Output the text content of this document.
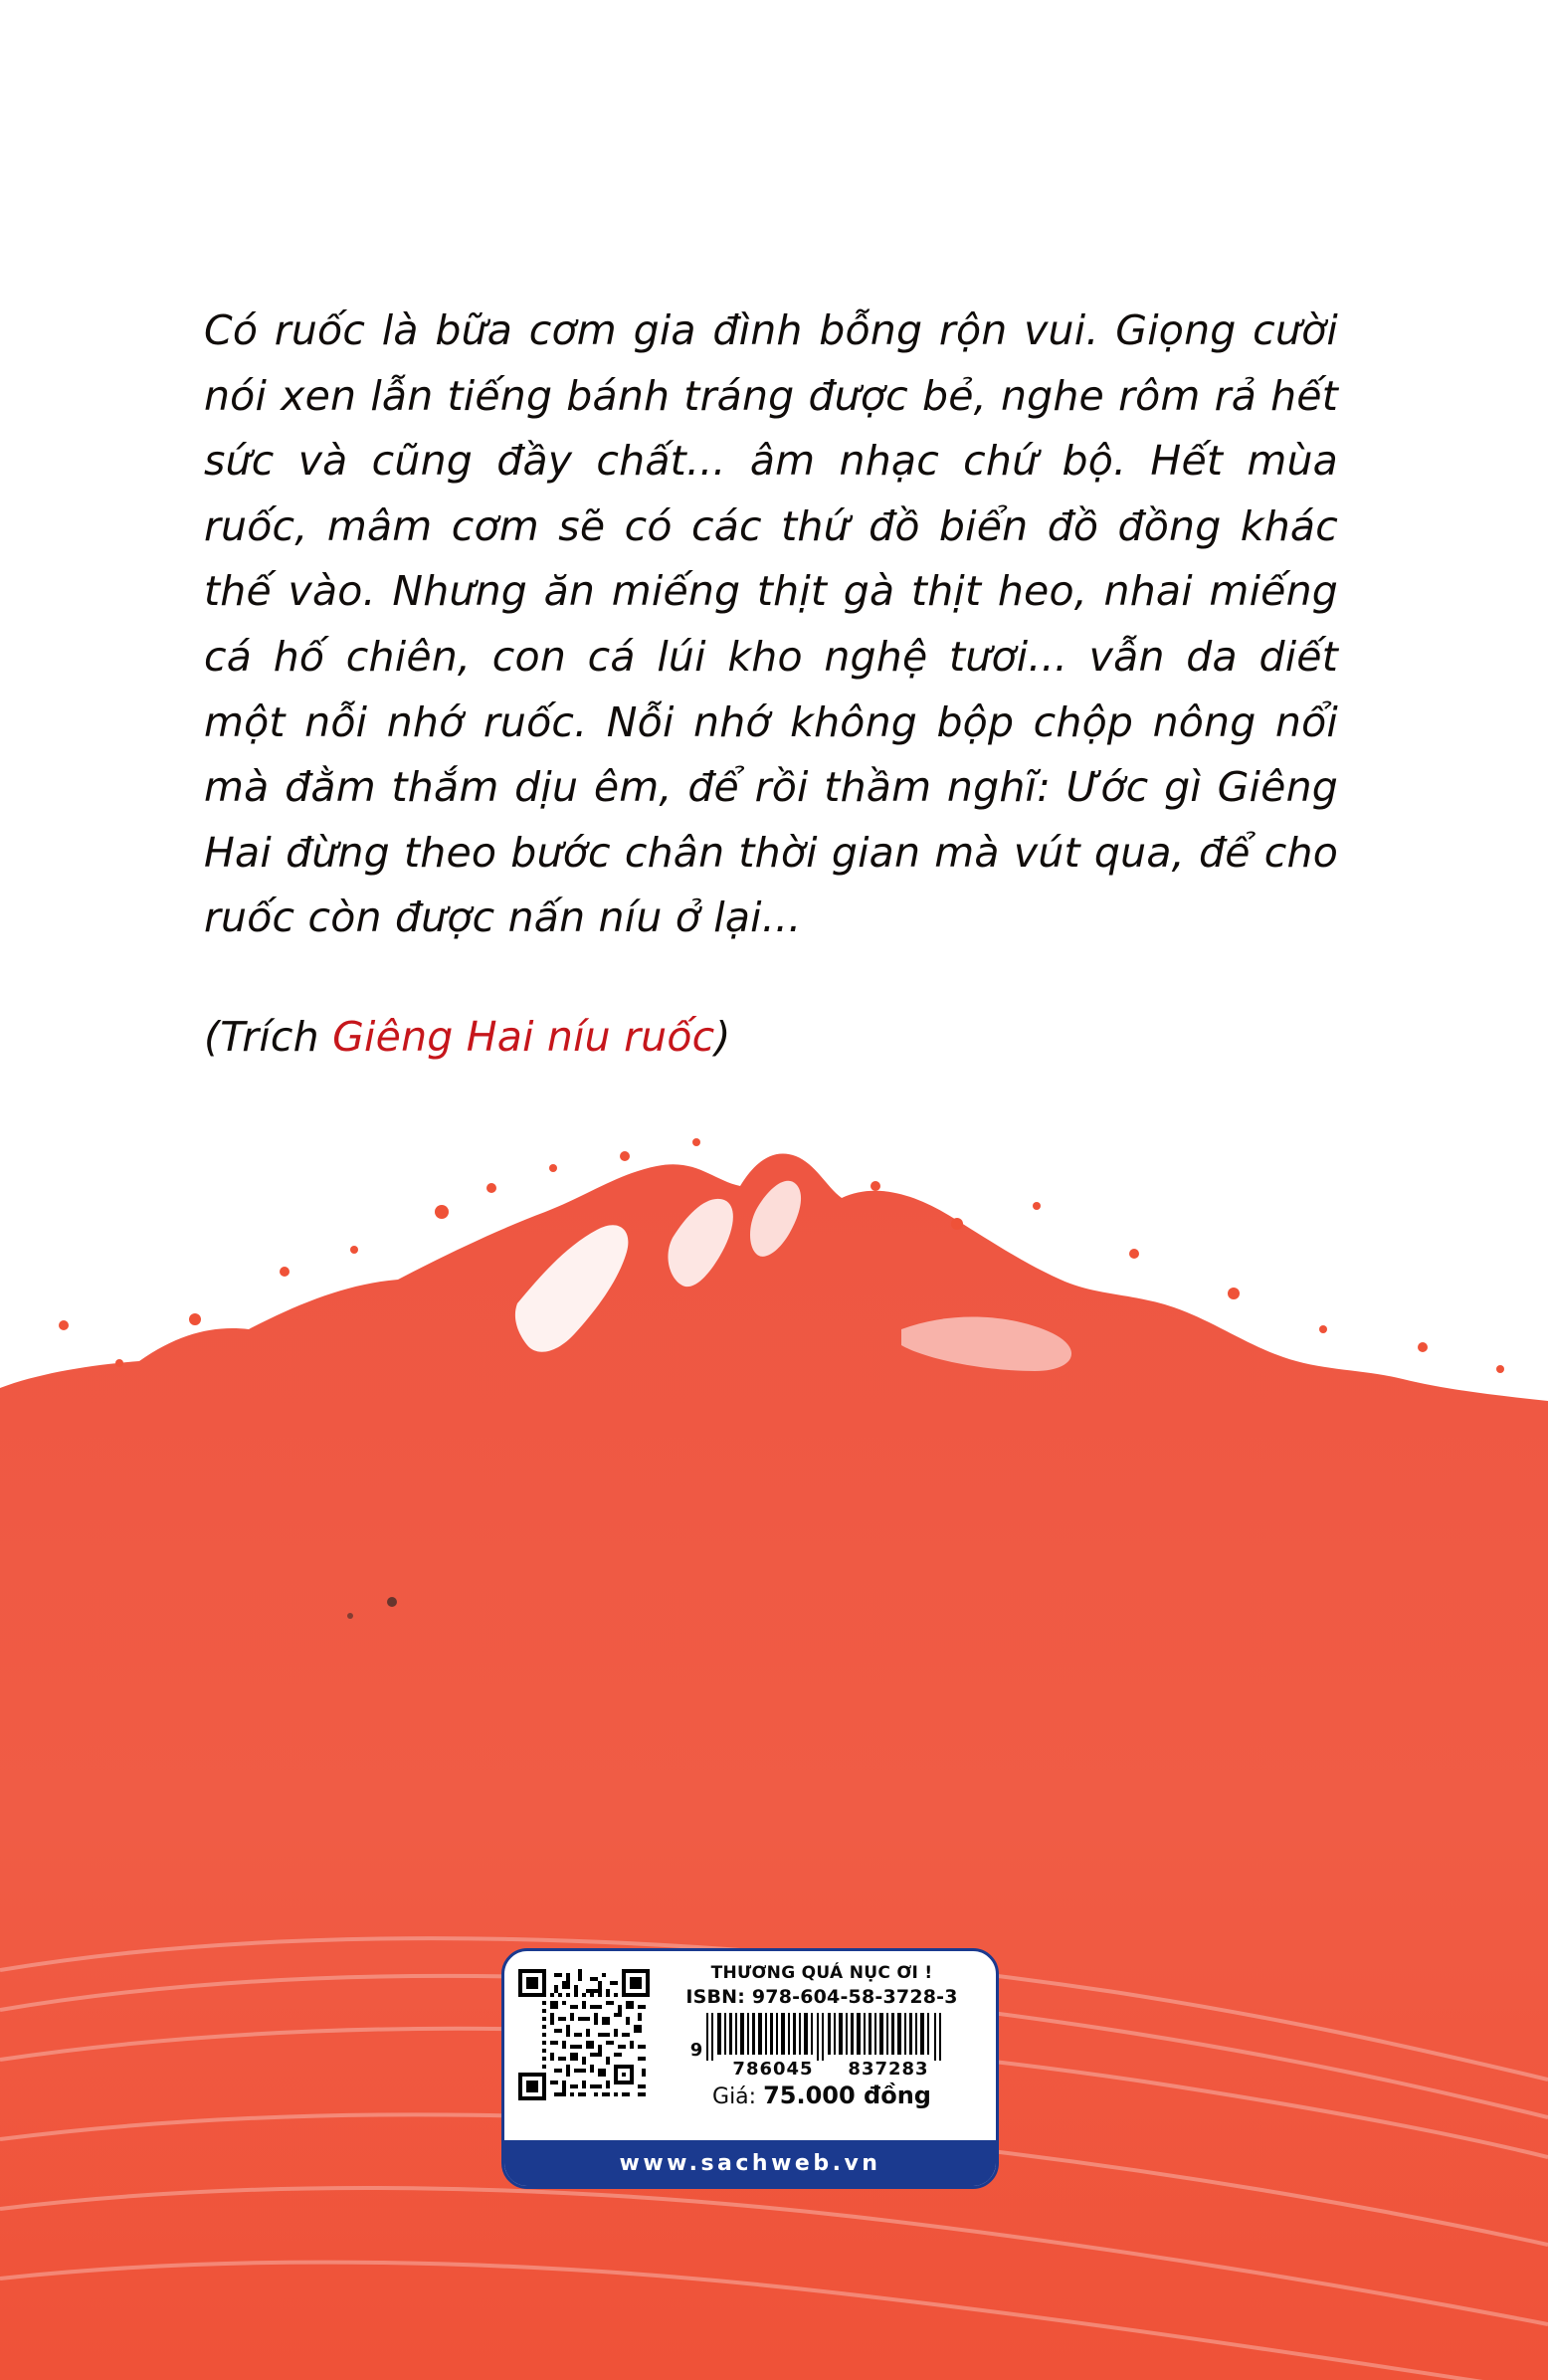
Có ruốc là bữa cơm gia đình bỗng rộn vui. Giọng cười nói xen lẫn tiếng bánh tráng được bẻ, nghe rôm rả hết sức và cũng đầy chất... âm nhạc chứ bộ. Hết mùa ruốc, mâm cơm sẽ có các thứ đồ biển đồ đồng khác thế vào. Nhưng ăn miếng thịt gà thịt heo, nhai miếng cá hố chiên, con cá lúi kho nghệ tươi... vẫn da diết một nỗi nhớ ruốc. Nỗi nhớ không bộp chộp nông nổi mà đằm thắm dịu êm, để rồi thầm nghĩ: Ước gì Giêng Hai đừng theo bước chân thời gian mà vút qua, để cho ruốc còn được nấn níu ở lại...

(Trích Giêng Hai níu ruốc)
THƯƠNG QUÁ NỤC ƠI !
ISBN: 978-604-58-3728-3
9
786045 837283
Giá: 75.000 đồng
www.sachweb.vn
